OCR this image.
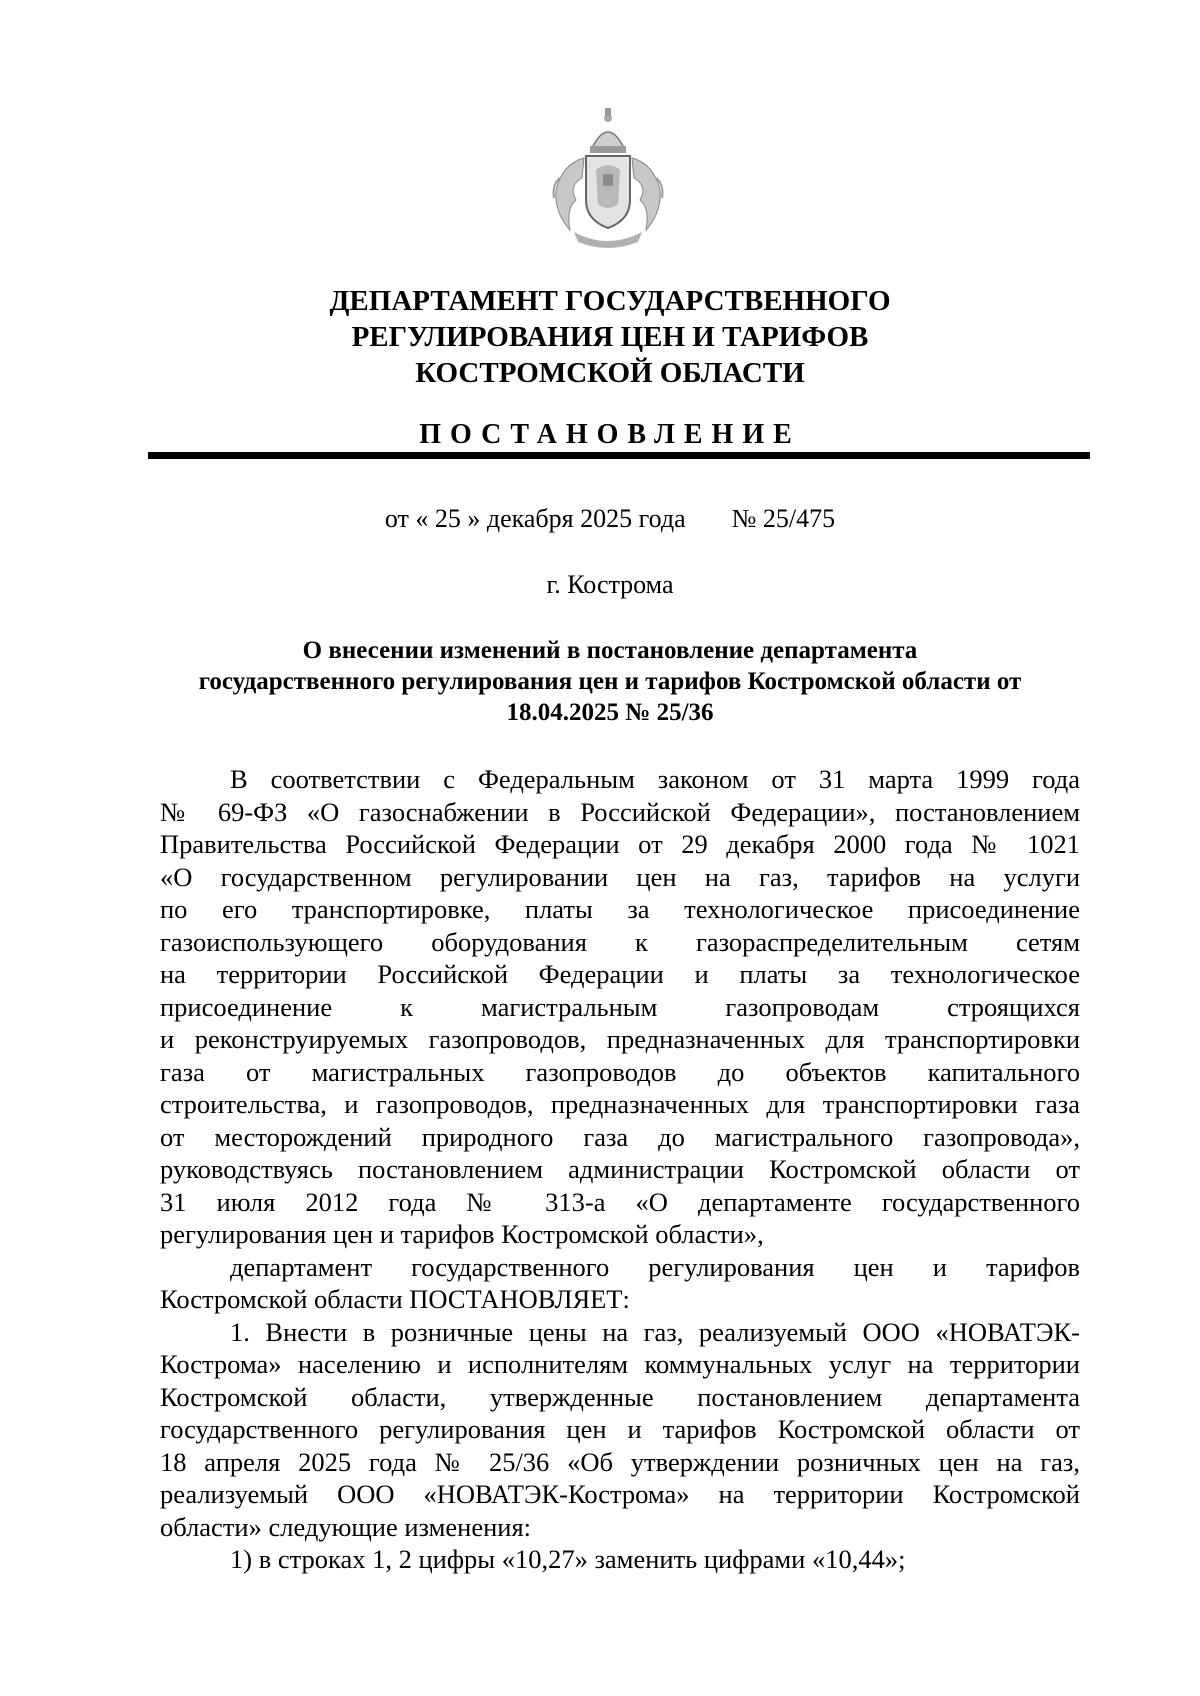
ДЕПАРТАМЕНТ ГОСУДАРСТВЕННОГО
РЕГУЛИРОВАНИЯ ЦЕН И ТАРИФОВ
КОСТРОМСКОЙ ОБЛАСТИ
ПОСТАНОВЛЕНИЕ
от « 25 » декабря 2025 года № 25/475
г. Кострома
О внесении изменений в постановление департамента
государственного регулирования цен и тарифов Костромской области от
18.04.2025 № 25/36
В соответствии с Федеральным законом от 31 марта 1999 года
№ 69-ФЗ «О газоснабжении в Российской Федерации», постановлением
Правительства Российской Федерации от 29 декабря 2000 года № 1021
«О государственном регулировании цен на газ, тарифов на услуги
по его транспортировке, платы за технологическое присоединение
газоиспользующего оборудования к газораспределительным сетям
на территории Российской Федерации и платы за технологическое
присоединение к магистральным газопроводам строящихся
и реконструируемых газопроводов, предназначенных для транспортировки
газа от магистральных газопроводов до объектов капитального
строительства, и газопроводов, предназначенных для транспортировки газа
от месторождений природного газа до магистрального газопровода»,
руководствуясь постановлением администрации Костромской области от
31 июля 2012 года № 313-а «О департаменте государственного
регулирования цен и тарифов Костромской области»,
департамент государственного регулирования цен и тарифов
Костромской области ПОСТАНОВЛЯЕТ:
1. Внести в розничные цены на газ, реализуемый ООО «НОВАТЭК-
Кострома» населению и исполнителям коммунальных услуг на территории
Костромской области, утвержденные постановлением департамента
государственного регулирования цен и тарифов Костромской области от
18 апреля 2025 года № 25/36 «Об утверждении розничных цен на газ,
реализуемый ООО «НОВАТЭК-Кострома» на территории Костромской
области» следующие изменения:
1) в строках 1, 2 цифры «10,27» заменить цифрами «10,44»;
